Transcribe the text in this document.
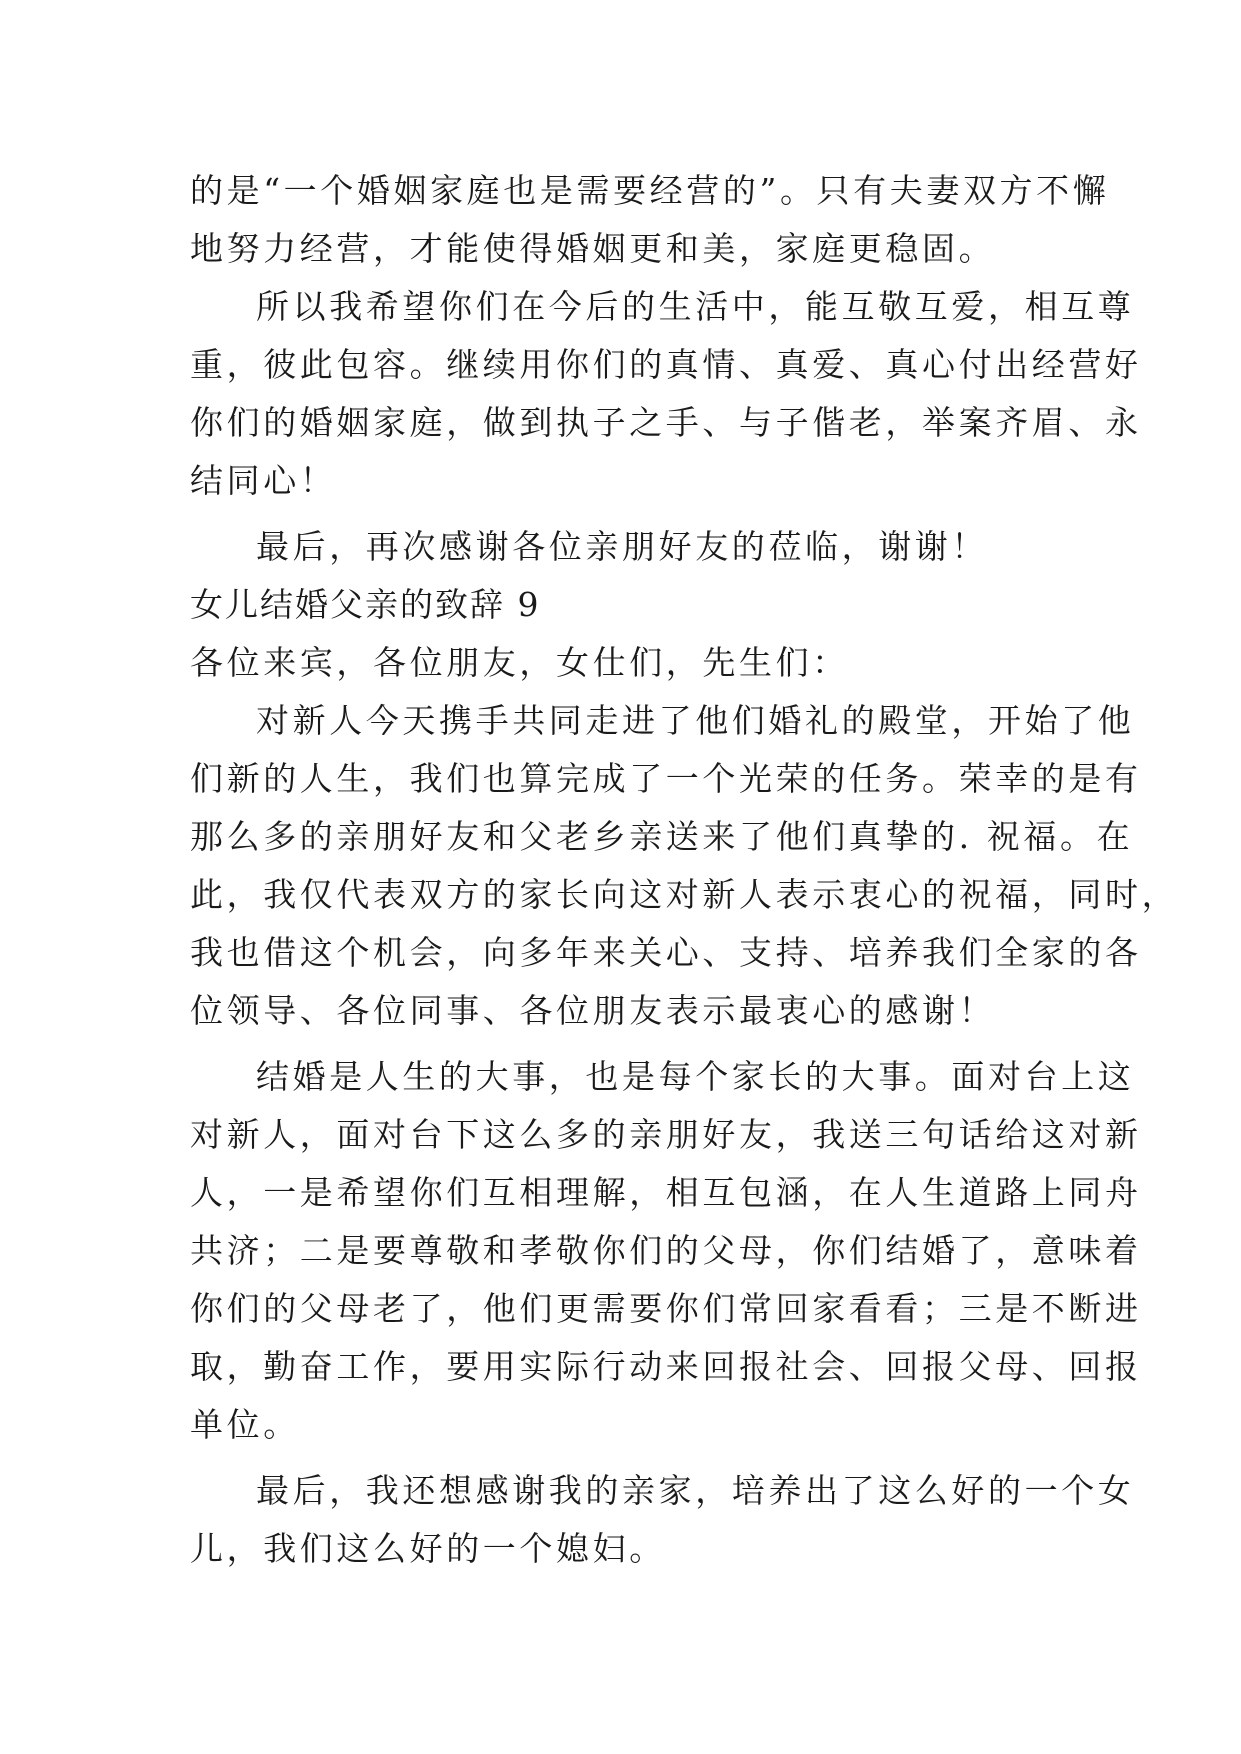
的是“一个婚姻家庭也是需要经营的”。只有夫妻双方不懈
地努力经营，才能使得婚姻更和美，家庭更稳固。
所以我希望你们在今后的生活中，能互敬互爱，相互尊
重，彼此包容。继续用你们的真情、真爱、真心付出经营好
你们的婚姻家庭，做到执子之手、与子偕老，举案齐眉、永
结同心！
最后，再次感谢各位亲朋好友的莅临，谢谢！
女儿结婚父亲的致辞 9
各位来宾，各位朋友，女仕们，先生们：
对新人今天携手共同走进了他们婚礼的殿堂，开始了他
们新的人生，我们也算完成了一个光荣的任务。荣幸的是有
那么多的亲朋好友和父老乡亲送来了他们真挚的. 祝福。在
此，我仅代表双方的家长向这对新人表示衷心的祝福，同时，
我也借这个机会，向多年来关心、支持、培养我们全家的各
位领导、各位同事、各位朋友表示最衷心的感谢！
结婚是人生的大事，也是每个家长的大事。面对台上这
对新人，面对台下这么多的亲朋好友，我送三句话给这对新
人，一是希望你们互相理解，相互包涵，在人生道路上同舟
共济；二是要尊敬和孝敬你们的父母，你们结婚了，意味着
你们的父母老了，他们更需要你们常回家看看；三是不断进
取，勤奋工作，要用实际行动来回报社会、回报父母、回报
单位。
最后，我还想感谢我的亲家，培养出了这么好的一个女
儿，我们这么好的一个媳妇。
